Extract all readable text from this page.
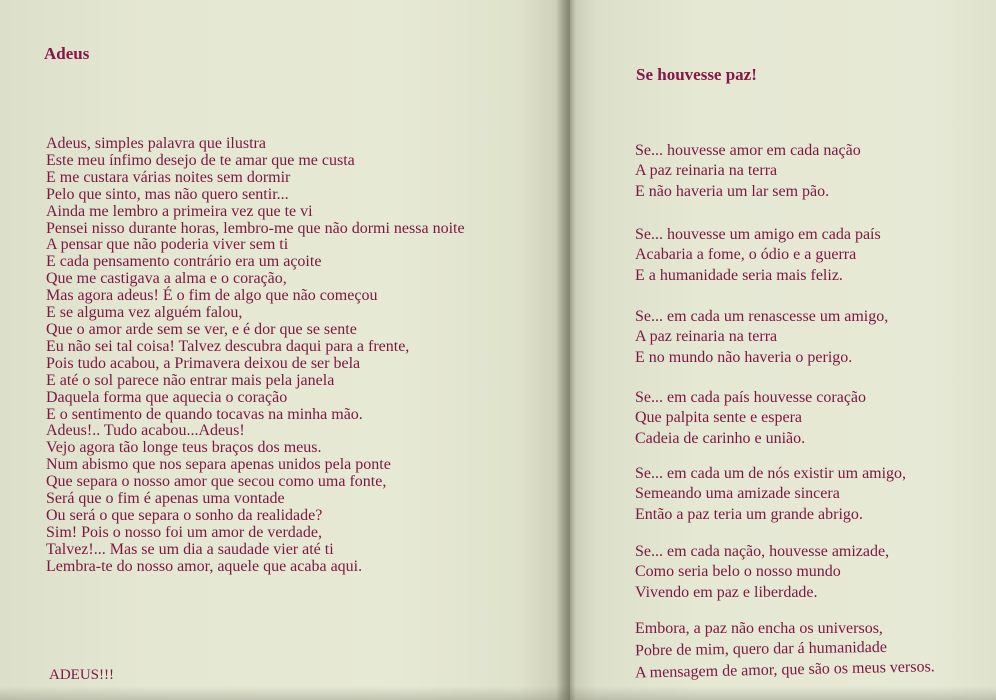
Adeus
Adeus, simples palavra que ilustra
Este meu ínfimo desejo de te amar que me custa
E me custara várias noites sem dormir
Pelo que sinto, mas não quero sentir...
Ainda me lembro a primeira vez que te vi
Pensei nisso durante horas, lembro-me que não dormi nessa noite
A pensar que não poderia viver sem ti
E cada pensamento contrário era um açoite
Que me castigava a alma e o coração,
Mas agora adeus! É o fim de algo que não começou
E se alguma vez alguém falou,
Que o amor arde sem se ver, e é dor que se sente
Eu não sei tal coisa! Talvez descubra daqui para a frente,
Pois tudo acabou, a Primavera deixou de ser bela
E até o sol parece não entrar mais pela janela
Daquela forma que aquecia o coração
E o sentimento de quando tocavas na minha mão.
Adeus!.. Tudo acabou...Adeus!
Vejo agora tão longe teus braços dos meus.
Num abismo que nos separa apenas unidos pela ponte
Que separa o nosso amor que secou como uma fonte,
Será que o fim é apenas uma vontade
Ou será o que separa o sonho da realidade?
Sim! Pois o nosso foi um amor de verdade,
Talvez!... Mas se um dia a saudade vier até ti
Lembra-te do nosso amor, aquele que acaba aqui.

ADEUS!!!

Se houvesse paz!
Se... houvesse amor em cada nação
A paz reinaria na terra
E não haveria um lar sem pão.
Se... houvesse um amigo em cada país
Acabaria a fome, o ódio e a guerra
E a humanidade seria mais feliz.
Se... em cada um renascesse um amigo,
A paz reinaria na terra
E no mundo não haveria o perigo.
Se... em cada país houvesse coração
Que palpita sente e espera
Cadeia de carinho e união.
Se... em cada um de nós existir um amigo,
Semeando uma amizade sincera
Então a paz teria um grande abrigo.
Se... em cada nação, houvesse amizade,
Como seria belo o nosso mundo
Vivendo em paz e liberdade.
Embora, a paz não encha os universos,
Pobre de mim, quero dar á humanidade
A mensagem de amor, que são os meus versos.
